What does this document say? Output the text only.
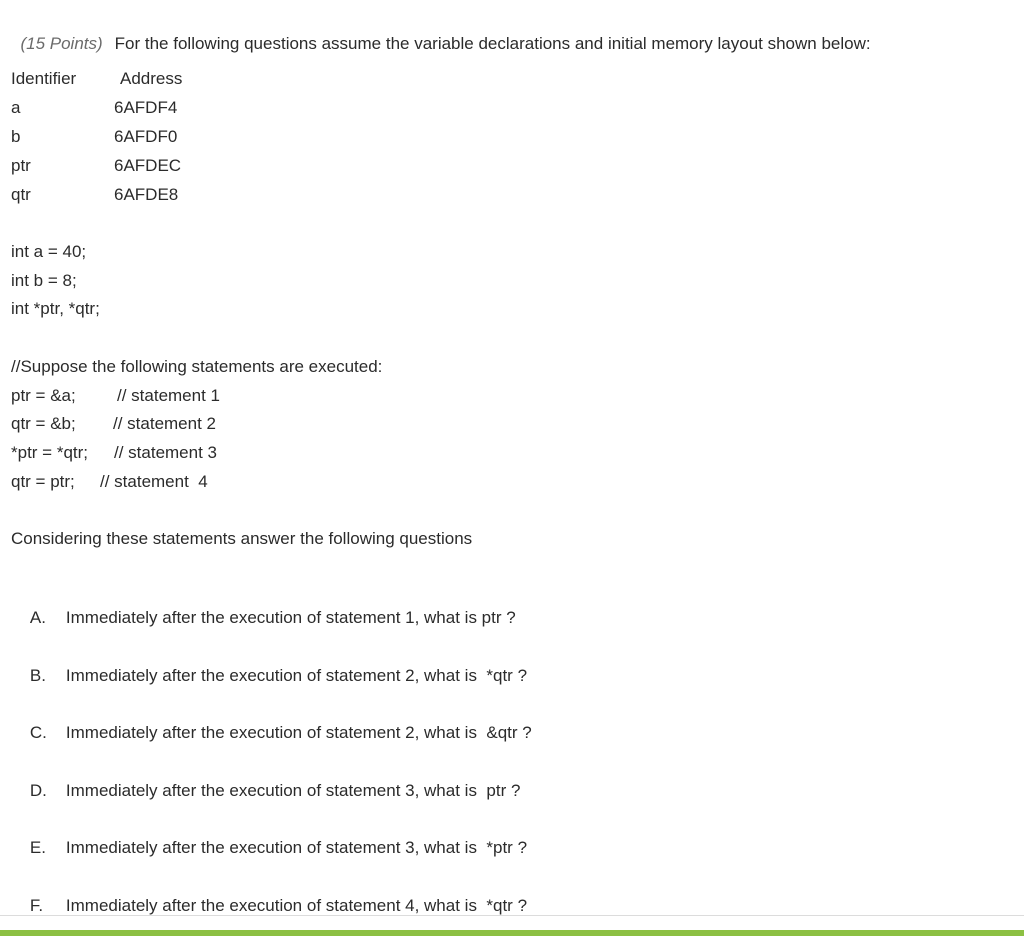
(15 Points) For the following questions assume the variable declarations and initial memory layout shown below:

Identifier	Address
a	6AFDF4
b	6AFDF0
ptr	6AFDEC
qtr	6AFDE8
int a = 40;
int b = 8;
int *ptr, *qtr;
//Suppose the following statements are executed:
ptr = &a; // statement 1
qtr = &b; // statement 2
*ptr = *qtr; // statement 3
qtr = ptr; // statement  4
Considering these statements answer the following questions

A. Immediately after the execution of statement 1, what is ptr ?

B. Immediately after the execution of statement 2, what is  *qtr ?

C. Immediately after the execution of statement 2, what is  &qtr ?

D. Immediately after the execution of statement 3, what is  ptr ?

E. Immediately after the execution of statement 3, what is  *ptr ?

F. Immediately after the execution of statement 4, what is  *qtr ?
